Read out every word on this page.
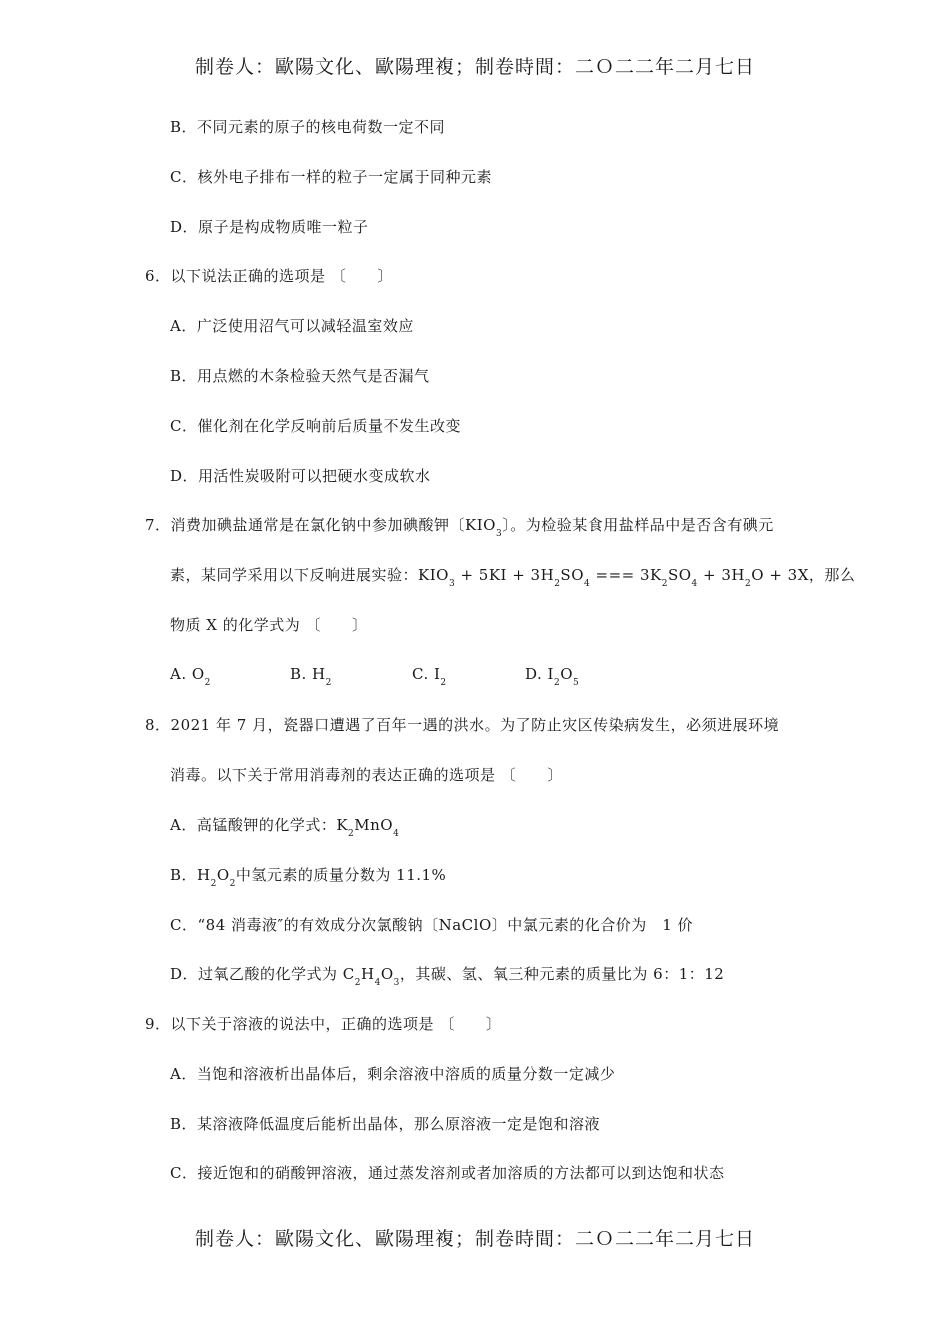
制卷人：歐陽文化、歐陽理複；制卷時間：二Ｏ二二年二月七日
B．不同元素的原子的核电荷数一定不同
C．核外电子排布一样的粒子一定属于同种元素
D．原子是构成物质唯一粒子
6．以下说法正确的选项是 〔　　〕
A．广泛使用沼气可以减轻温室效应
B．用点燃的木条检验天然气是否漏气
C．催化剂在化学反响前后质量不发生改变
D．用活性炭吸附可以把硬水变成软水
7．消费加碘盐通常是在氯化钠中参加碘酸钾〔$KIO_3$〕。为检验某食用盐样品中是否含有碘元
素，某同学采用以下反响进展实验：$KIO_3 + 5KI + 3H_2SO_4$ === $3K_2SO_4 + 3H_2O + 3X$，那么
物质 X 的化学式为 〔　　〕
A. $O_2$	B. $H_2$	C. $I_2$	D. $I_2O_5$
8．2021 年 7 月，瓷器口遭遇了百年一遇的洪水。为了防止灾区传染病发生，必须进展环境
消毒。以下关于常用消毒剂的表达正确的选项是 〔　　〕
A．高锰酸钾的化学式：$K_2MnO_4$
B．$H_2O_2$中氢元素的质量分数为 11.1%
C．“84 消毒液″的有效成分次氯酸钠〔NaClO〕中氯元素的化合价为　1 价
D．过氧乙酸的化学式为 $C_2H_4O_3$，其碳、氢、氧三种元素的质量比为 6：1：12
9．以下关于溶液的说法中，正确的选项是 〔　　〕
A．当饱和溶液析出晶体后，剩余溶液中溶质的质量分数一定减少
B．某溶液降低温度后能析出晶体，那么原溶液一定是饱和溶液
C．接近饱和的硝酸钾溶液，通过蒸发溶剂或者加溶质的方法都可以到达饱和状态
制卷人：歐陽文化、歐陽理複；制卷時間：二Ｏ二二年二月七日
